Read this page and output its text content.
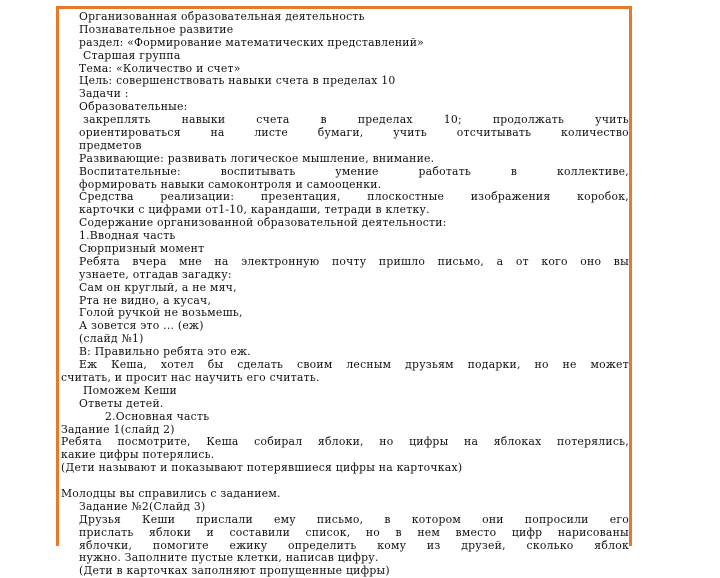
Организованная образовательная деятельность
Познавательное развитие
раздел: «Формирование математических представлений»
Старшая группа
Тема: «Количество и счет»
Цель: совершенствовать навыки счета в пределах 10
Задачи :
Образовательные:
закреплять	навыки	счета	в	пределах	10;	продолжать	учить
ориентироваться	на	листе	бумаги,	учить	отсчитывать	количество
предметов
Развивающие: развивать логическое мышление, внимание.
Воспитательные:	воспитывать	умение	работать	в	коллективе,
формировать навыки самоконтроля и самооценки.
Средства реализации: презентация, плоскостные изображения коробок,
карточки с цифрами от1-10, карандаши, тетради в клетку.
Содержание организованной образовательной деятельности:
1.Вводная часть
Сюрпризный момент
Ребята вчера мне на электронную почту пришло письмо, а от кого оно вы
узнаете, отгадав загадку:
Сам он круглый, а не мяч,
Рта не видно, а кусач,
Голой ручкой не возьмешь,
А зовется это ... (еж)
(слайд №1)
В: Правильно ребята это еж.
Еж Кеша, хотел бы сделать своим лесным друзьям подарки, но не может
считать, и просит нас научить его считать.
Поможем Кеши
Ответы детей.
2.Основная часть
Задание 1(слайд 2)
Ребята посмотрите, Кеша собирал яблоки, но цифры на яблоках потерялись,
какие цифры потерялись.
(Дети называют и показывают потерявшиеся цифры на карточках)
Молодцы вы справились с заданием.
Задание №2(Слайд 3)
Друзья Кеши прислали ему письмо, в котором они попросили его
прислать яблоки и составили список, но в нем вместо цифр нарисованы
яблочки, помогите ежику определить кому из друзей, сколько яблок
нужно. Заполните пустые клетки, написав цифру.
(Дети в карточках заполняют пропущенные цифры)
